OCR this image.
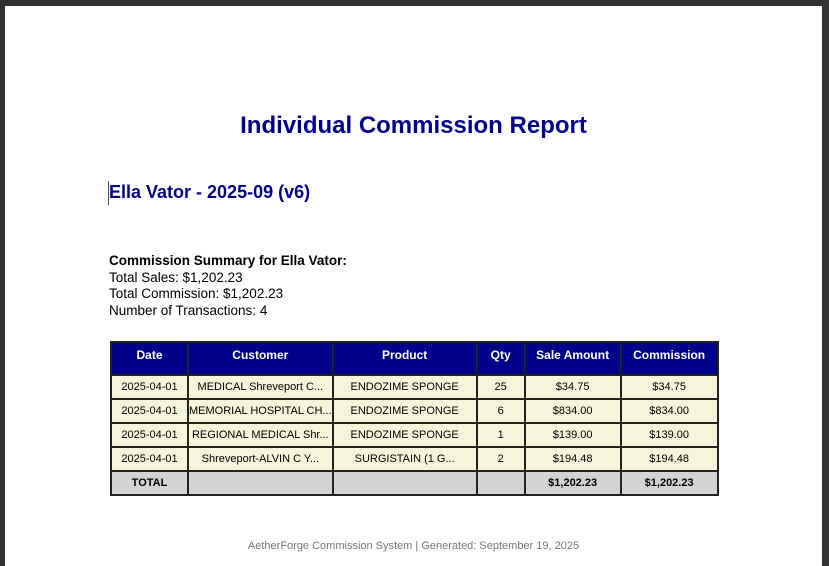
Individual Commission Report
Ella Vator - 2025-09 (v6)
Commission Summary for Ella Vator:
Total Sales: $1,202.23
Total Commission: $1,202.23
Number of Transactions: 4
Date	Customer	Product	Qty	Sale Amount	Commission
2025-04-01	MEDICAL Shreveport C...	ENDOZIME SPONGE	25	$34.75	$34.75
2025-04-01	MEMORIAL HOSPITAL CH...	ENDOZIME SPONGE	6	$834.00	$834.00
2025-04-01	REGIONAL MEDICAL Shr...	ENDOZIME SPONGE	1	$139.00	$139.00
2025-04-01	Shreveport-ALVIN C Y...	SURGISTAIN (1 G...	2	$194.48	$194.48
TOTAL				$1,202.23	$1,202.23
AetherForge Commission System | Generated: September 19, 2025
